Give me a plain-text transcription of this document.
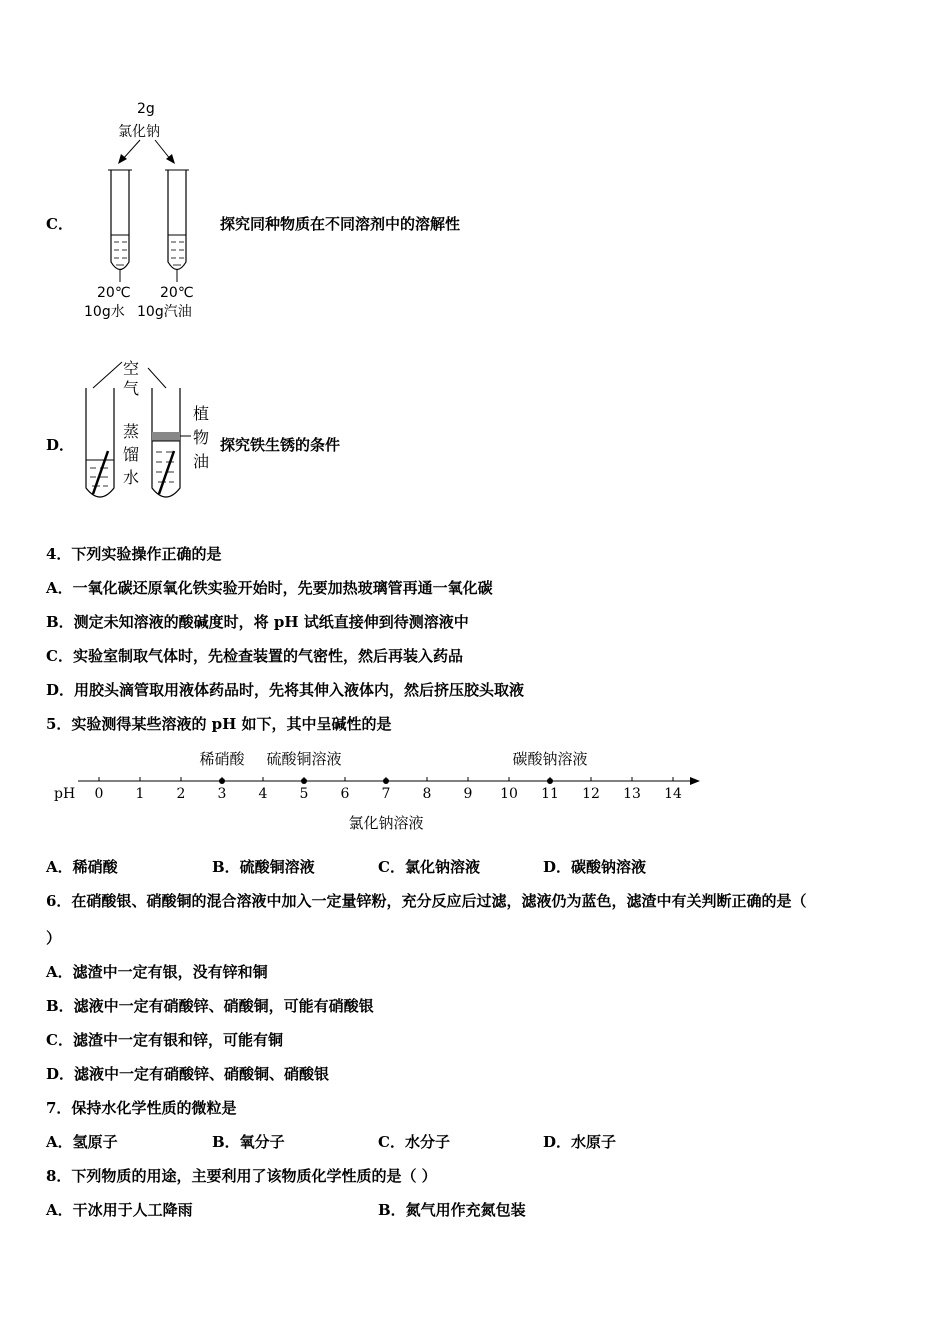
2g
氯化钠
20℃
10g水
20℃
10g汽油
C．	探究同种物质在不同溶剂中的溶解性
空
气
蒸
馏
水
植
物
油
D．	探究铁生锈的条件
4．下列实验操作正确的是
A．一氧化碳还原氧化铁实验开始时，先要加热玻璃管再通一氧化碳
B．测定未知溶液的酸碱度时，将 pH 试纸直接伸到待测溶液中
C．实验室制取气体时，先检查装置的气密性，然后再装入药品
D．用胶头滴管取用液体药品时，先将其伸入液体内，然后挤压胶头取液
5．实验测得某些溶液的 pH 如下，其中呈碱性的是
pH 0 1 2 3 4 5 6 7 8 9 10 11 12 13 14
稀硝酸 硫酸铜溶液
氯化钠溶液
碳酸钠溶液
A．稀硝酸	B．硫酸铜溶液	C．氯化钠溶液	D．碳酸钠溶液
6．在硝酸银、硝酸铜的混合溶液中加入一定量锌粉，充分反应后过滤，滤液仍为蓝色，滤渣中有关判断正确的是（
）
A．滤渣中一定有银，没有锌和铜
B．滤液中一定有硝酸锌、硝酸铜，可能有硝酸银
C．滤渣中一定有银和锌，可能有铜
D．滤液中一定有硝酸锌、硝酸铜、硝酸银
7．保持水化学性质的微粒是
A．氢原子	B．氧分子	C．水分子	D．水原子
8．下列物质的用途，主要利用了该物质化学性质的是（ ）
A．干冰用于人工降雨	B．氮气用作充氮包装
